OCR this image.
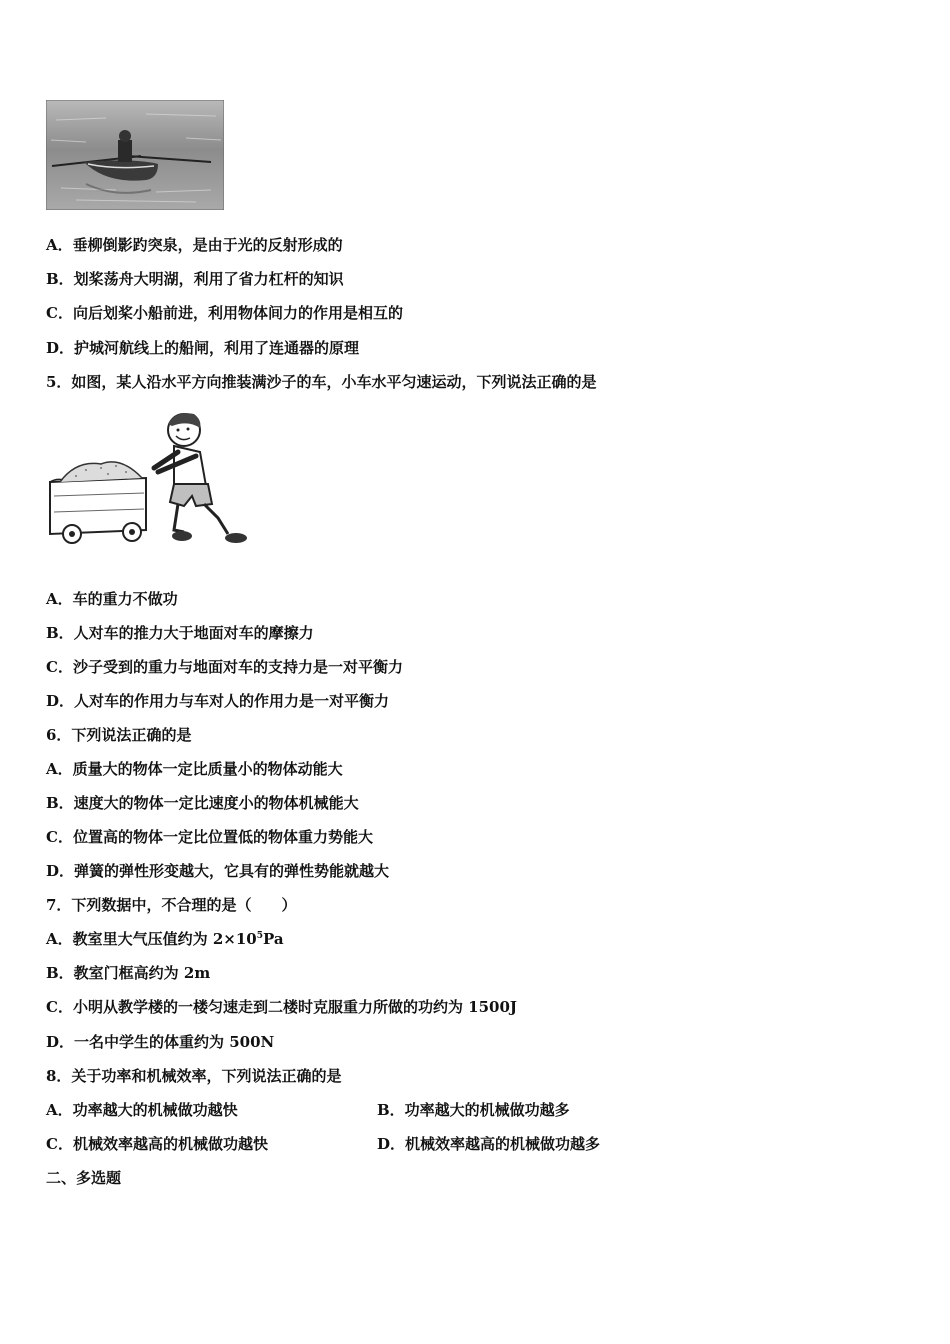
A．垂柳倒影趵突泉，是由于光的反射形成的
B．划桨荡舟大明湖，利用了省力杠杆的知识
C．向后划桨小船前进，利用物体间力的作用是相互的
D．护城河航线上的船闸，利用了连通器的原理
5．如图，某人沿水平方向推装满沙子的车，小车水平匀速运动，下列说法正确的是
A．车的重力不做功
B．人对车的推力大于地面对车的摩擦力
C．沙子受到的重力与地面对车的支持力是一对平衡力
D．人对车的作用力与车对人的作用力是一对平衡力
6．下列说法正确的是
A．质量大的物体一定比质量小的物体动能大
B．速度大的物体一定比速度小的物体机械能大
C．位置高的物体一定比位置低的物体重力势能大
D．弹簧的弹性形变越大，它具有的弹性势能就越大
7．下列数据中，不合理的是（　　）
A．教室里大气压值约为 $2\times 10^5Pa$
B．教室门框高约为 2m
C．小明从教学楼的一楼匀速走到二楼时克服重力所做的功约为 1500J
D．一名中学生的体重约为 500N
8．关于功率和机械效率，下列说法正确的是
A．功率越大的机械做功越快	B．功率越大的机械做功越多
C．机械效率越高的机械做功越快	D．机械效率越高的机械做功越多
二、多选题
